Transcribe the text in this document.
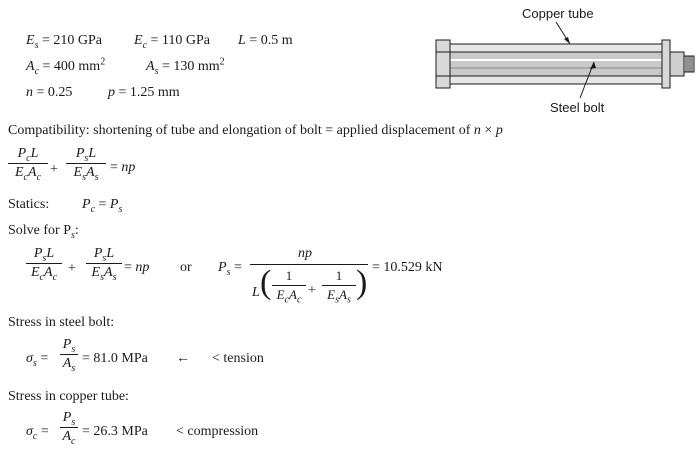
$E_s = 210$ GPa $E_c = 110$ GPa L = 0.5 m
$A_c = 400$ $mm^2$	$A_s = 130$ $mm^2$
n = 0.25	p = 1.25 mm
Copper tube
Steel bolt
Compatibility: shortening of tube and elongation of bolt = applied displacement of n × p
$P_cL$
$E_cA_c$
+
$P_sL$
$E_sA_s$
= np
Statics: $P_c = P_s$
Solve for $P_s$:
$P_sL$
$E_cA_c$
+
$P_sL$
$E_sA_s$
= np or $P_s$ =
np
L (	1
$E_cA_c$
+
1
$E_sA_s$ ) = 10.529 kN
Stress in steel bolt:
$\sigma_s$ =
$P_s$
$A_s$
= 81.0 MPa ← < tension
Stress in copper tube:
$\sigma_c$ =
$P_s$
$A_c$
= 26.3 MPa < compression
